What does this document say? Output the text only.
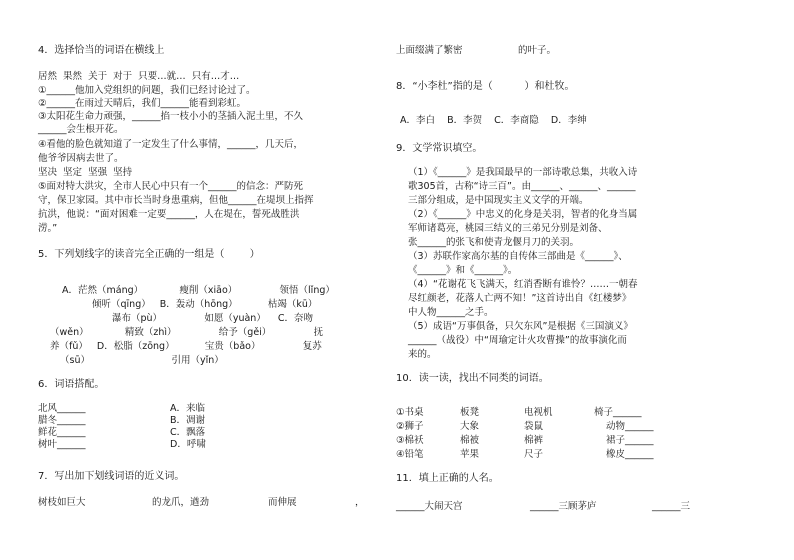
4．选择恰当的词语在横线上
居然  果然  关于  对于  只要…就…  只有…才…
①______他加入党组织的问题，我们已经讨论过了。
②______在雨过天晴后，我们______能看到彩虹。
③太阳花生命力顽强，______掐一枝小小的茎插入泥土里，不久
______会生根开花。
④看他的脸色就知道了一定发生了什么事情，______，几天后，
他爷爷因病去世了。
坚决  坚定  坚强  坚持
⑤面对特大洪灾，全市人民心中只有一个______的信念：严防死
守，保卫家园。其中市长当时身患重病，但他______在堤坝上指挥
抗洪，他说：“面对困难一定要______，人在堤在，誓死战胜洪
涝。”
5．下列划线字的读音完全正确的一组是（        ）
A．茫然（máng）            瘦削（xiāo）              领悟（lǐng）
倾听（qīng）   B．轰动（hōng）          枯竭（kū）
瀑布（pù）              如愿（yuàn）    C．奈吻
（wěn）            精致（zhì）              给予（gěi）              抚
养（fǔ）   D．松脂（zōng）          宝贵（bǎo）              复苏
（sū）                           引用（yǐn）
6．词语搭配。
北风______
腊冬______
鲜花______
树叶______
A．来临
B．凋谢
C．飘落
D．呼啸
7．写出加下划线词语的近义词。
树枝如巨大	的龙爪，遒劲	而伸展	，
上面缀满了繁密	的叶子。
8．“小李杜”指的是（          ）和杜牧。
A．李白    B．李贺    C．李商隐    D．李绅
9．文学常识填空。
（1）《______》是我国最早的一部诗歌总集，共收入诗
歌305首，古称“诗三百”。由______、______、______
三部分组成，是中国现实主义文学的开端。
（2）《______》中忠义的化身是关羽，智者的化身当属
军师诸葛亮，桃园三结义的三弟兄分别是刘备、
张______的张飞和使青龙偃月刀的关羽。
（3）苏联作家高尔基的自传体三部曲是《______》、
《______》和《______》。
（4）“花谢花飞飞满天，红消香断有谁怜？……一朝春
尽红颜老，花落人亡两不知！”这首诗出自《红楼梦》
中人物______之手。
（5）成语“万事俱备，只欠东风”是根据《三国演义》
______（战役）中“周瑜定计火攻曹操”的故事演化而
来的。
10．读一读，找出不同类的词语。
①书桌	板凳	电视机	椅子______
②狮子	大象	袋鼠	动物______
③棉袄	棉被	棉裤	裙子______
④铅笔	苹果	尺子	橡皮______
11．填上正确的人名。
______大闹天宫	______三顾茅庐	______三
